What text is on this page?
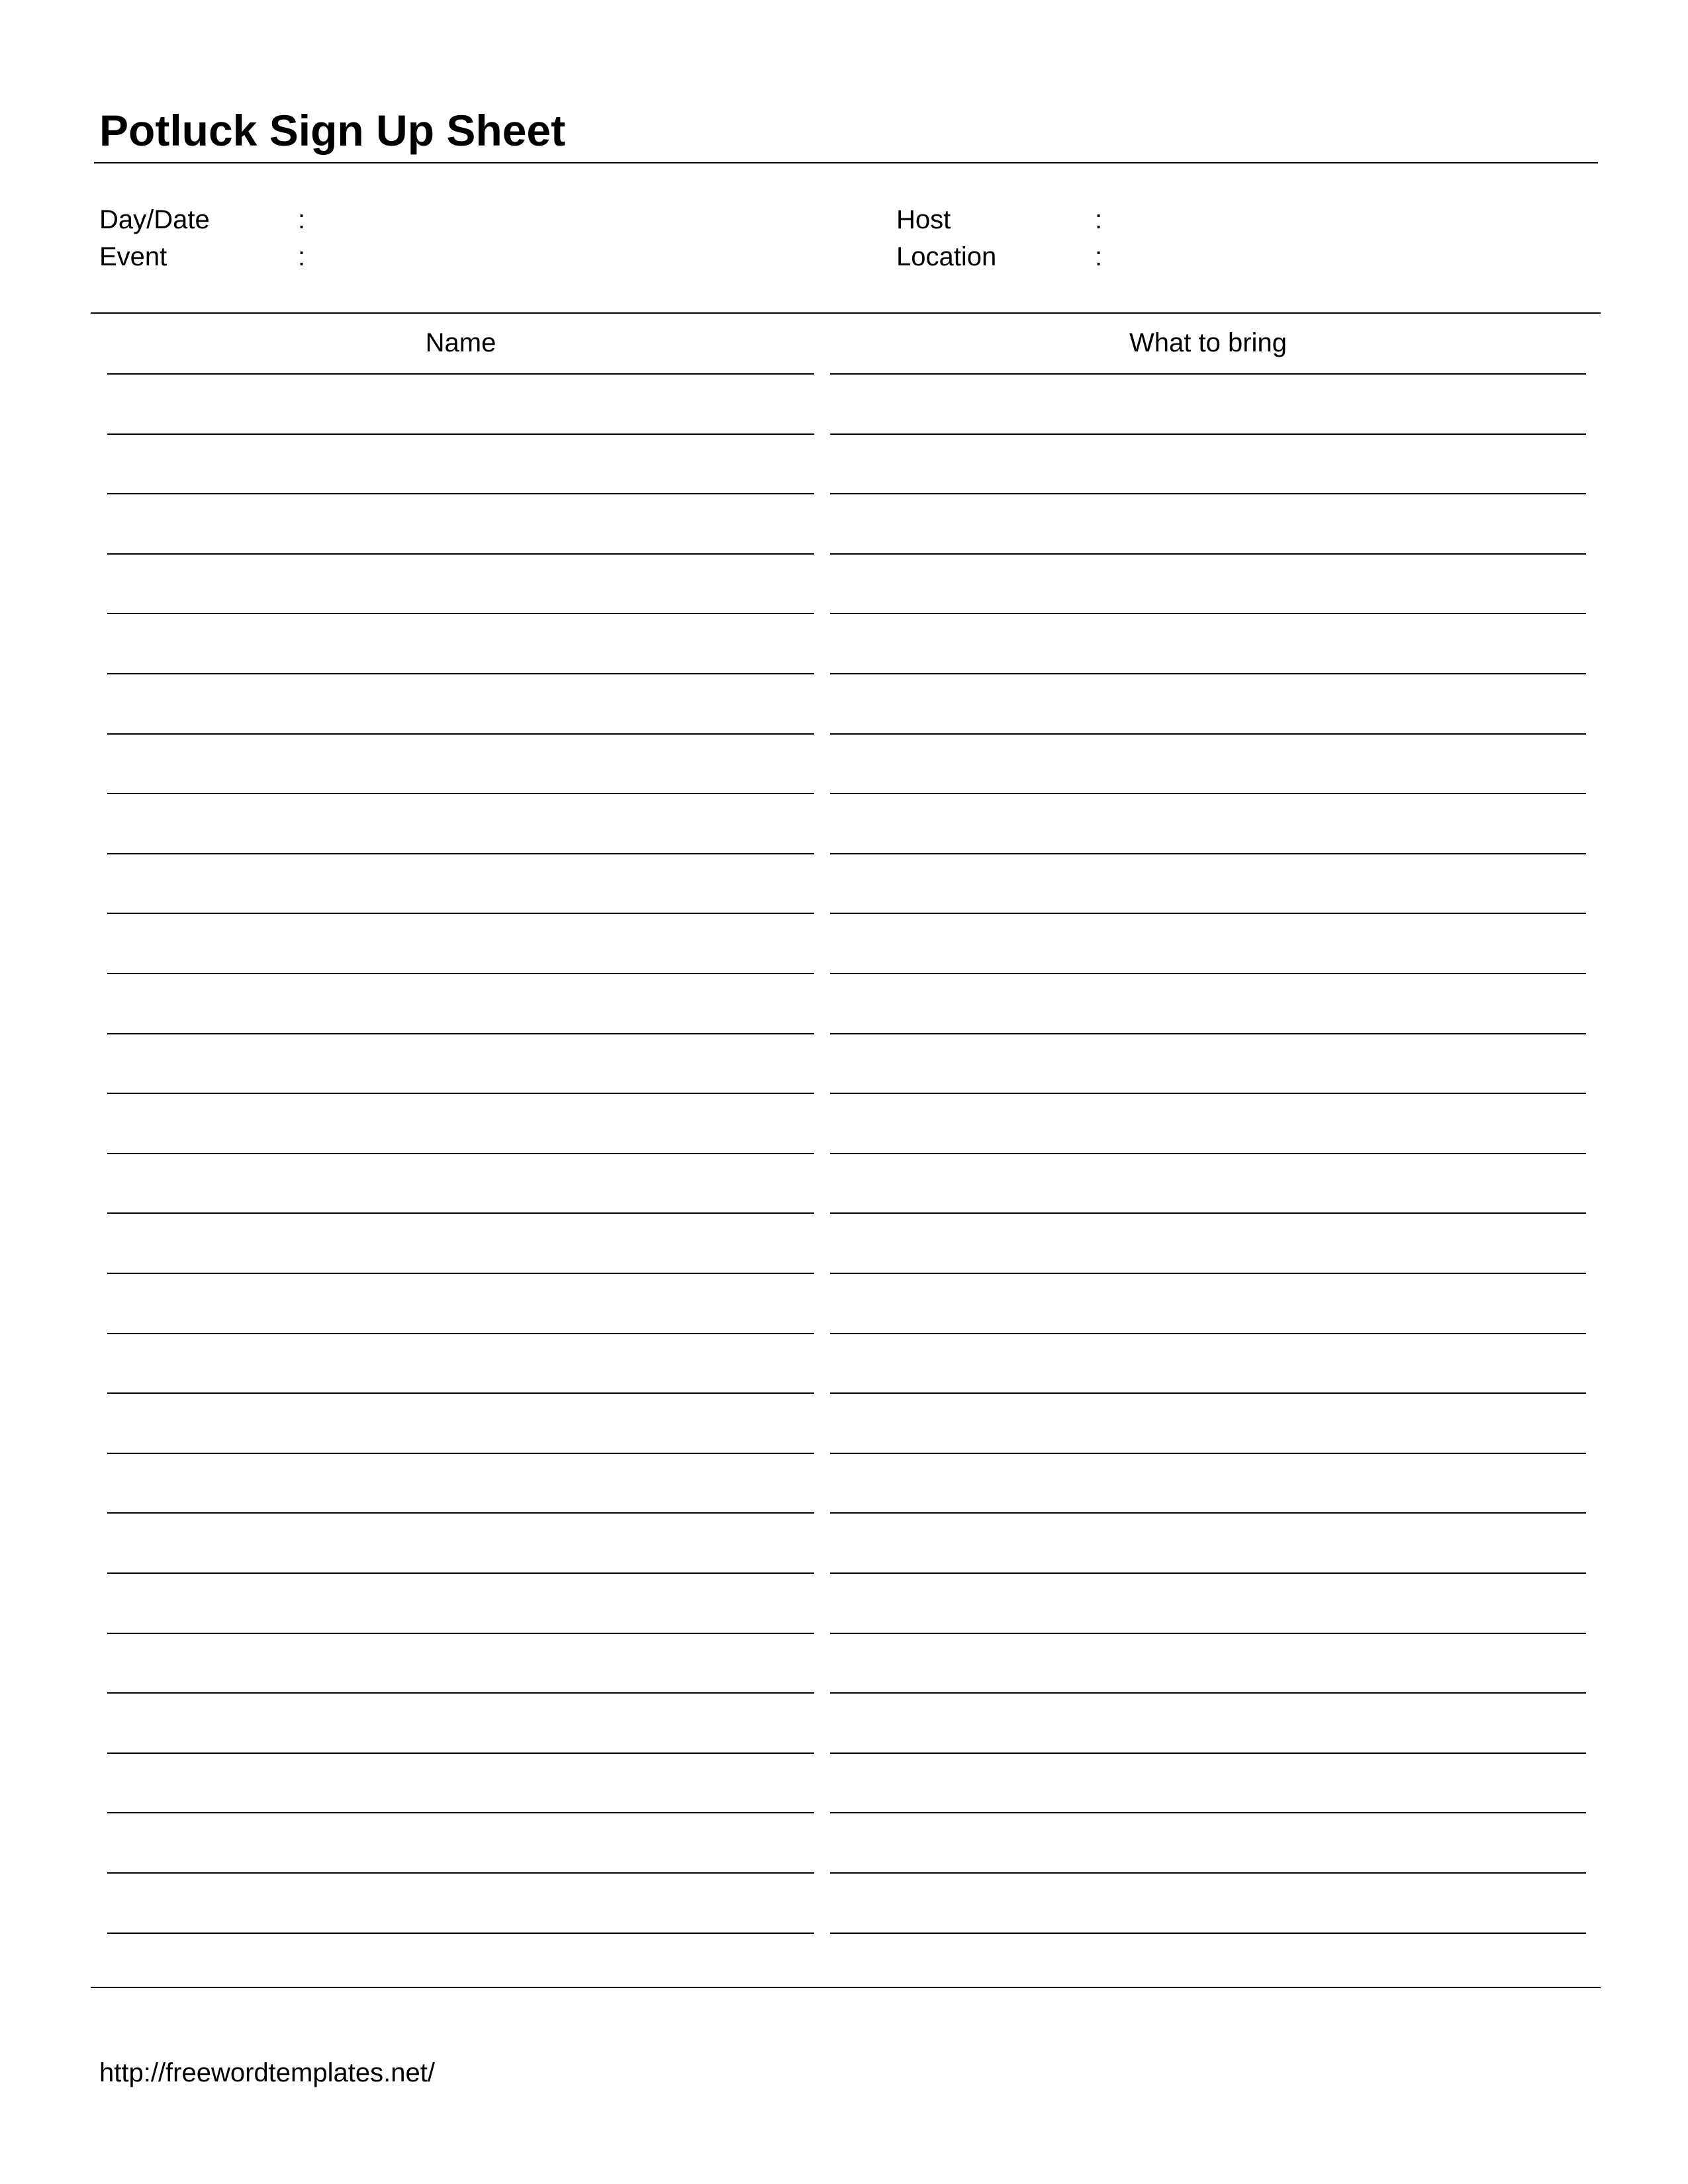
Potluck Sign Up Sheet
Day/Date	:
Event	:
Host	:
Location	:
Name	What to bring
http://freewordtemplates.net/
